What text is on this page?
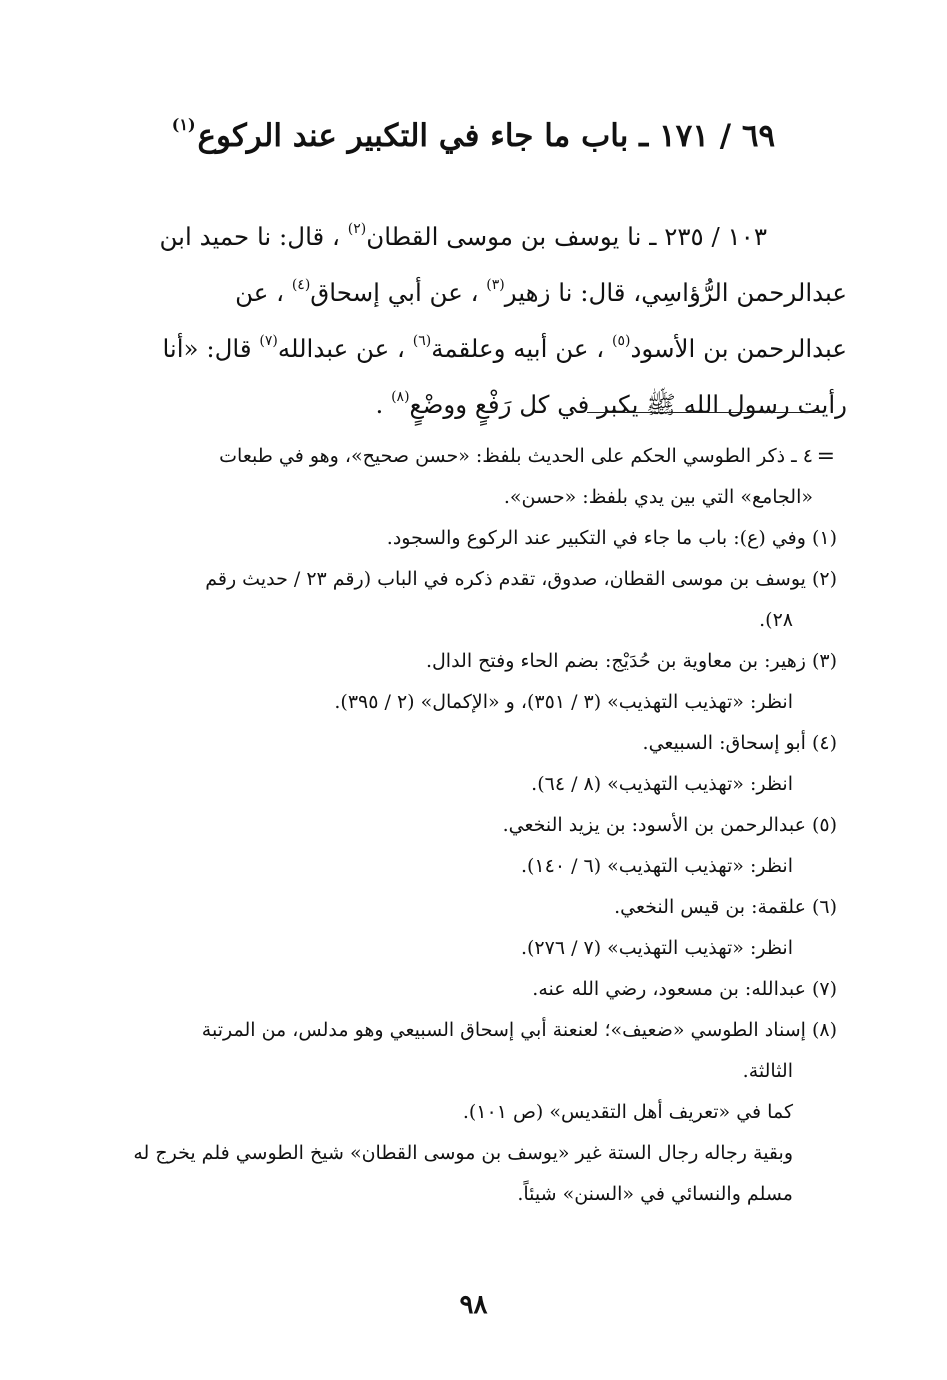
٦٩ / ١٧١ ـ باب ما جاء في التكبير عند الركوع$^{(١)}$
١٠٣ / ٢٣٥ ـ نا يوسف بن موسى القطان$^{(٢)}$ ، قال: نا حميد ابن
عبدالرحمن الرُّؤاسِي، قال: نا زهير$^{(٣)}$ ، عن أبي إسحاق$^{(٤)}$ ، عن
عبدالرحمن بن الأسود$^{(٥)}$ ، عن أبيه وعلقمة$^{(٦)}$ ، عن عبدالله$^{(٧)}$ قال: «أنا
رأيت رسول الله ﷺ يكبر في كل رَفْعٍ ووضْعٍ$^{(٨)}$ .
=
٤ ـ ذكر الطوسي الحكم على الحديث بلفظ: «حسن صحيح»، وهو في طبعات
«الجامع» التي بين يدي بلفظ: «حسن».
(١)وفي (ع): باب ما جاء في التكبير عند الركوع والسجود.
(٢)يوسف بن موسى القطان، صدوق، تقدم ذكره في الباب (رقم ٢٣ / حديث رقم
٢٨).
(٣)زهير: بن معاوية بن حُدَيْج: بضم الحاء وفتح الدال.
انظر: «تهذيب التهذيب» (٣ / ٣٥١)، و «الإكمال» (٢ / ٣٩٥).
(٤)أبو إسحاق: السبيعي.
انظر: «تهذيب التهذيب» (٨ / ٦٤).
(٥)عبدالرحمن بن الأسود: بن يزيد النخعي.
انظر: «تهذيب التهذيب» (٦ / ١٤٠).
(٦)علقمة: بن قيس النخعي.
انظر: «تهذيب التهذيب» (٧ / ٢٧٦).
(٧)عبدالله: بن مسعود، رضي الله عنه.
(٨)إسناد الطوسي «ضعيف»؛ لعنعنة أبي إسحاق السبيعي وهو مدلس، من المرتبة
الثالثة.
كما في «تعريف أهل التقديس» (ص ١٠١).
وبقية رجاله رجال الستة غير «يوسف بن موسى القطان» شيخ الطوسي فلم يخرج له
مسلم والنسائي في «السنن» شيئاً.
٩٨
